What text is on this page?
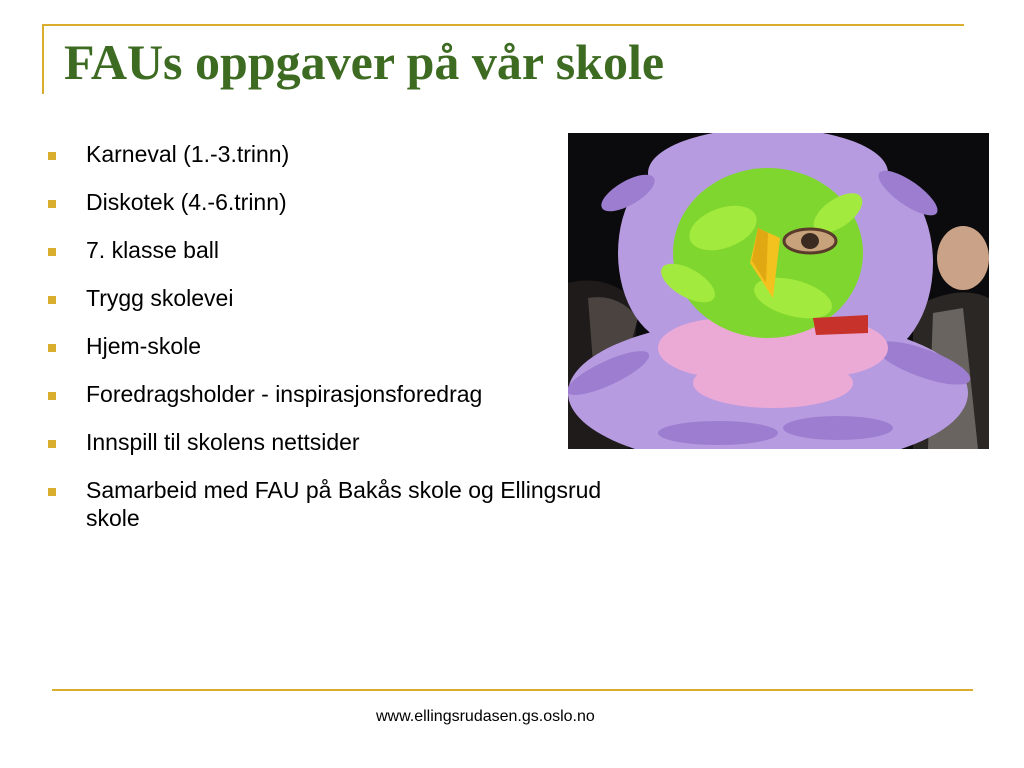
FAUs oppgaver på vår skole
Karneval (1.-3.trinn)
Diskotek (4.-6.trinn)
7. klasse ball
Trygg skolevei
Hjem-skole
Foredragsholder - inspirasjonsforedrag
Innspill til skolens nettsider
Samarbeid med FAU på Bakås skole og Ellingsrud skole

www.ellingsrudasen.gs.oslo.no
